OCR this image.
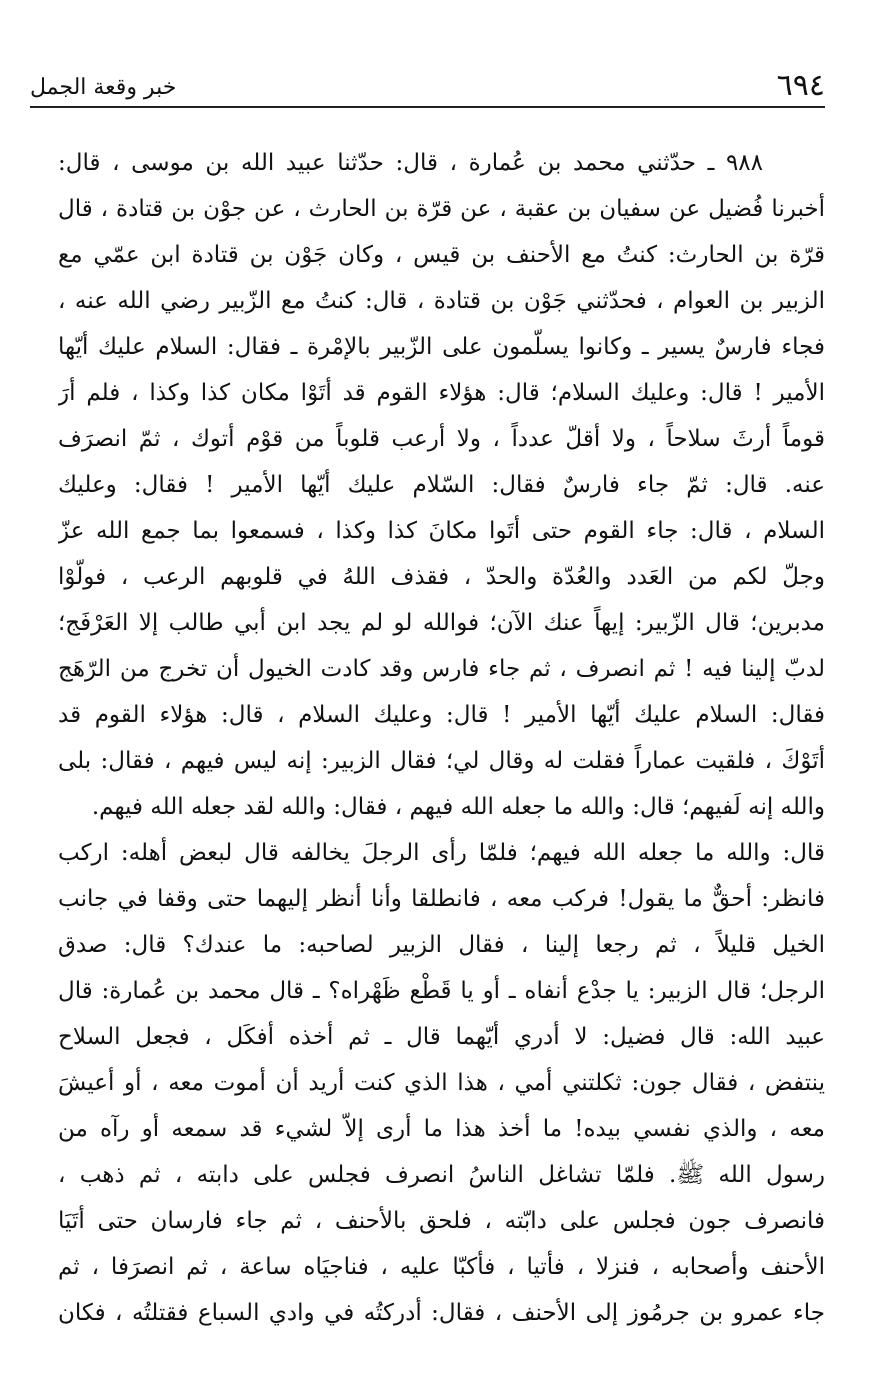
٦٩٤
خبر وقعة الجمل
٩٨٨ ـ حدّثني محمد بن عُمارة ، قال: حدّثنا عبيد الله بن موسى ، قال:
أخبرنا فُضيل عن سفيان بن عقبة ، عن قرّة بن الحارث ، عن جوْن بن قتادة ، قال
قرّة بن الحارث: كنتُ مع الأحنف بن قيس ، وكان جَوْن بن قتادة ابن عمّي مع
الزبير بن العوام ، فحدّثني جَوْن بن قتادة ، قال: كنتُ مع الزّبير رضي الله عنه ،
فجاء فارسٌ يسير ـ وكانوا يسلّمون على الزّبير بالإمْرة ـ فقال: السلام عليك أيّها
الأمير ! قال: وعليك السلام؛ قال: هؤلاء القوم قد أتَوْا مكان كذا وكذا ، فلم أرَ
قوماً أرثَ سلاحاً ، ولا أقلّ عدداً ، ولا أرعب قلوباً من قوْم أتوك ، ثمّ انصرَف
عنه. قال: ثمّ جاء فارسٌ فقال: السّلام عليك أيّها الأمير ! فقال: وعليك
السلام ، قال: جاء القوم حتى أتَوا مكانَ كذا وكذا ، فسمعوا بما جمع الله عزّ
وجلّ لكم من العَدد والعُدّة والحدّ ، فقذف اللهُ في قلوبهم الرعب ، فولّوْا
مدبرين؛ قال الزّبير: إيهاً عنك الآن؛ فوالله لو لم يجد ابن أبي طالب إلا العَرْفَج؛
لدبّ إلينا فيه ! ثم انصرف ، ثم جاء فارس وقد كادت الخيول أن تخرج من الرّهَج
فقال: السلام عليك أيّها الأمير ! قال: وعليك السلام ، قال: هؤلاء القوم قد
أتَوْكَ ، فلقيت عماراً فقلت له وقال لي؛ فقال الزبير: إنه ليس فيهم ، فقال: بلى
والله إنه لَفيهم؛ قال: والله ما جعله الله فيهم ، فقال: والله لقد جعله الله فيهم.
قال: والله ما جعله الله فيهم؛ فلمّا رأى الرجلَ يخالفه قال لبعض أهله: اركب
فانظر: أحقٌّ ما يقول! فركب معه ، فانطلقا وأنا أنظر إليهما حتى وقفا في جانب
الخيل قليلاً ، ثم رجعا إلينا ، فقال الزبير لصاحبه: ما عندك؟ قال: صدق
الرجل؛ قال الزبير: يا جدْع أنفاه ـ أو يا قَطْع ظَهْراه؟ ـ قال محمد بن عُمارة: قال
عبيد الله: قال فضيل: لا أدري أيّهما قال ـ ثم أخذه أفكَل ، فجعل السلاح
ينتفض ، فقال جون: ثكلتني أمي ، هذا الذي كنت أريد أن أموت معه ، أو أعيشَ
معه ، والذي نفسي بيده! ما أخذ هذا ما أرى إلاّ لشيء قد سمعه أو رآه من
رسول الله ﷺ. فلمّا تشاغل الناسُ انصرف فجلس على دابته ، ثم ذهب ،
فانصرف جون فجلس على دابّته ، فلحق بالأحنف ، ثم جاء فارسان حتى أتَيَا
الأحنف وأصحابه ، فنزلا ، فأتيا ، فأكبّا عليه ، فناجيَاه ساعة ، ثم انصرَفا ، ثم
جاء عمرو بن جرمُوز إلى الأحنف ، فقال: أدركتُه في وادي السباع فقتلتُه ، فكان
